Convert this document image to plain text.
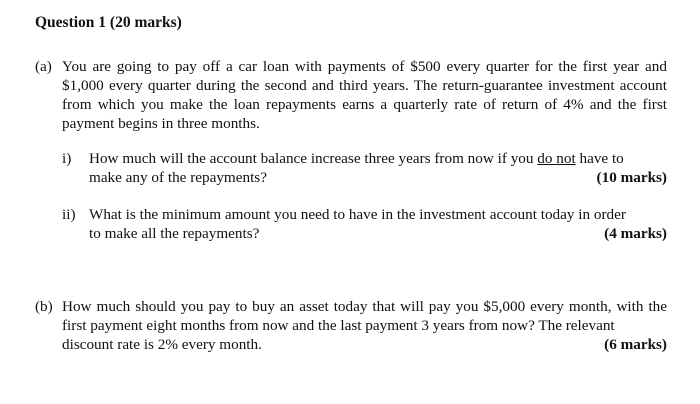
Question 1 (20 marks)
(a) You are going to pay off a car loan with payments of $500 every quarter for the first year and $1,000 every quarter during the second and third years. The return-guarantee investment account from which you make the loan repayments earns a quarterly rate of return of 4% and the first payment begins in three months.
i) How much will the account balance increase three years from now if you do not have to
make any of the repayments?	(10 marks)
ii) What is the minimum amount you need to have in the investment account today in order
to make all the repayments?	(4 marks)
(b) How much should you pay to buy an asset today that will pay you $5,000 every month, with the first payment eight months from now and the last payment 3 years from now? The relevant
discount rate is 2% every month.	(6 marks)
